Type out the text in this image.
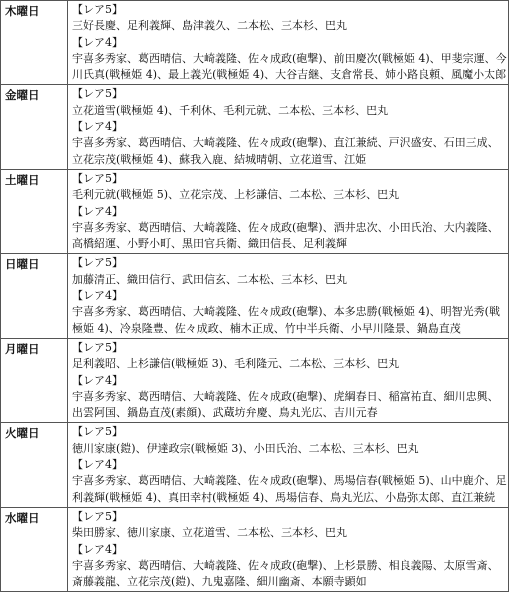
木曜日	【レア5】
三好長慶、足利義輝、島津義久、二本松、三本杉、巴丸
【レア4】
宇喜多秀家、葛西晴信、大崎義隆、佐々成政(砲撃)、前田慶次(戦極姫 4)、甲斐宗運、今川氏真(戦極姫 4)、最上義光(戦極姫 4)、大谷吉継、支倉常長、姉小路良頼、風魔小太郎

金曜日	【レア5】
立花道雪(戦極姫 4)、千利休、毛利元就、二本松、三本杉、巴丸
【レア4】
宇喜多秀家、葛西晴信、大崎義隆、佐々成政(砲撃)、直江兼続、戸沢盛安、石田三成、立花宗茂(戦極姫 4)、蘇我入鹿、結城晴朝、立花道雪、江姫

土曜日	【レア5】
毛利元就(戦極姫 5)、立花宗茂、上杉謙信、二本松、三本杉、巴丸
【レア4】
宇喜多秀家、葛西晴信、大崎義隆、佐々成政(砲撃)、酒井忠次、小田氏治、大内義隆、高橋紹運、小野小町、黒田官兵衛、織田信長、足利義輝

日曜日	【レア5】
加藤清正、織田信行、武田信玄、二本松、三本杉、巴丸
【レア4】
宇喜多秀家、葛西晴信、大崎義隆、佐々成政(砲撃)、本多忠勝(戦極姫 4)、明智光秀(戦極姫 4)、冷泉隆豊、佐々成政、楠木正成、竹中半兵衛、小早川隆景、鍋島直茂

月曜日	【レア5】
足利義昭、上杉謙信(戦極姫 3)、毛利隆元、二本松、三本杉、巴丸
【レア4】
宇喜多秀家、葛西晴信、大崎義隆、佐々成政(砲撃)、虎綱春日、稲富祐直、細川忠興、出雲阿国、鍋島直茂(素顔)、武蔵坊弁慶、鳥丸光広、吉川元春

火曜日	【レア5】
徳川家康(鎧)、伊達政宗(戦極姫 3)、小田氏治、二本松、三本杉、巴丸
【レア4】
宇喜多秀家、葛西晴信、大崎義隆、佐々成政(砲撃)、馬場信春(戦極姫 5)、山中鹿介、足利義輝(戦極姫 4)、真田幸村(戦極姫 4)、馬場信春、鳥丸光広、小島弥太郎、直江兼続

水曜日	【レア5】
柴田勝家、徳川家康、立花道雪、二本松、三本杉、巴丸
【レア4】
宇喜多秀家、葛西晴信、大崎義隆、佐々成政(砲撃)、上杉景勝、相良義陽、太原雪斎、斎藤義龍、立花宗茂(鎧)、九鬼嘉隆、細川幽斎、本願寺顕如
